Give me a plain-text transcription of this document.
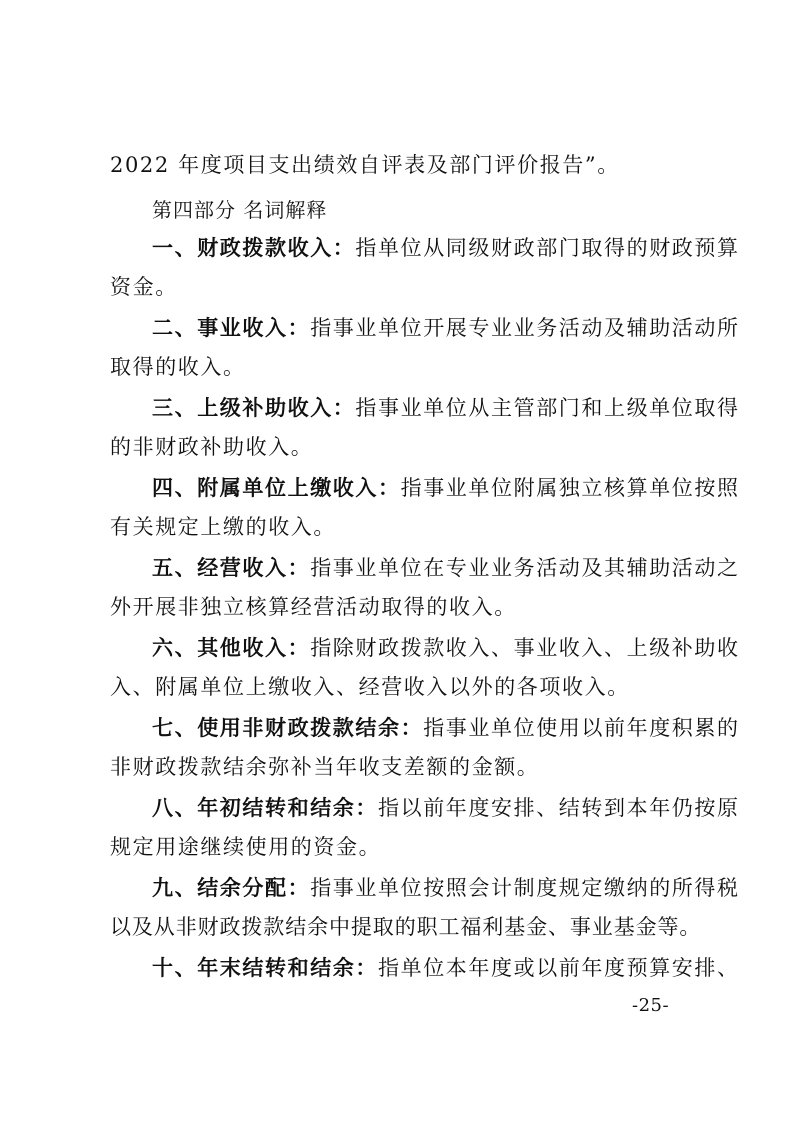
2022 年度项目支出绩效自评表及部门评价报告”。
第四部分 名词解释
一、财政拨款收入：指单位从同级财政部门取得的财政预算
资金。
二、事业收入：指事业单位开展专业业务活动及辅助活动所
取得的收入。
三、上级补助收入：指事业单位从主管部门和上级单位取得
的非财政补助收入。
四、附属单位上缴收入：指事业单位附属独立核算单位按照
有关规定上缴的收入。
五、经营收入：指事业单位在专业业务活动及其辅助活动之
外开展非独立核算经营活动取得的收入。
六、其他收入：指除财政拨款收入、事业收入、上级补助收
入、附属单位上缴收入、经营收入以外的各项收入。
七、使用非财政拨款结余：指事业单位使用以前年度积累的
非财政拨款结余弥补当年收支差额的金额。
八、年初结转和结余：指以前年度安排、结转到本年仍按原
规定用途继续使用的资金。
九、结余分配：指事业单位按照会计制度规定缴纳的所得税
以及从非财政拨款结余中提取的职工福利基金、事业基金等。
十、年末结转和结余：指单位本年度或以前年度预算安排、
-25-
